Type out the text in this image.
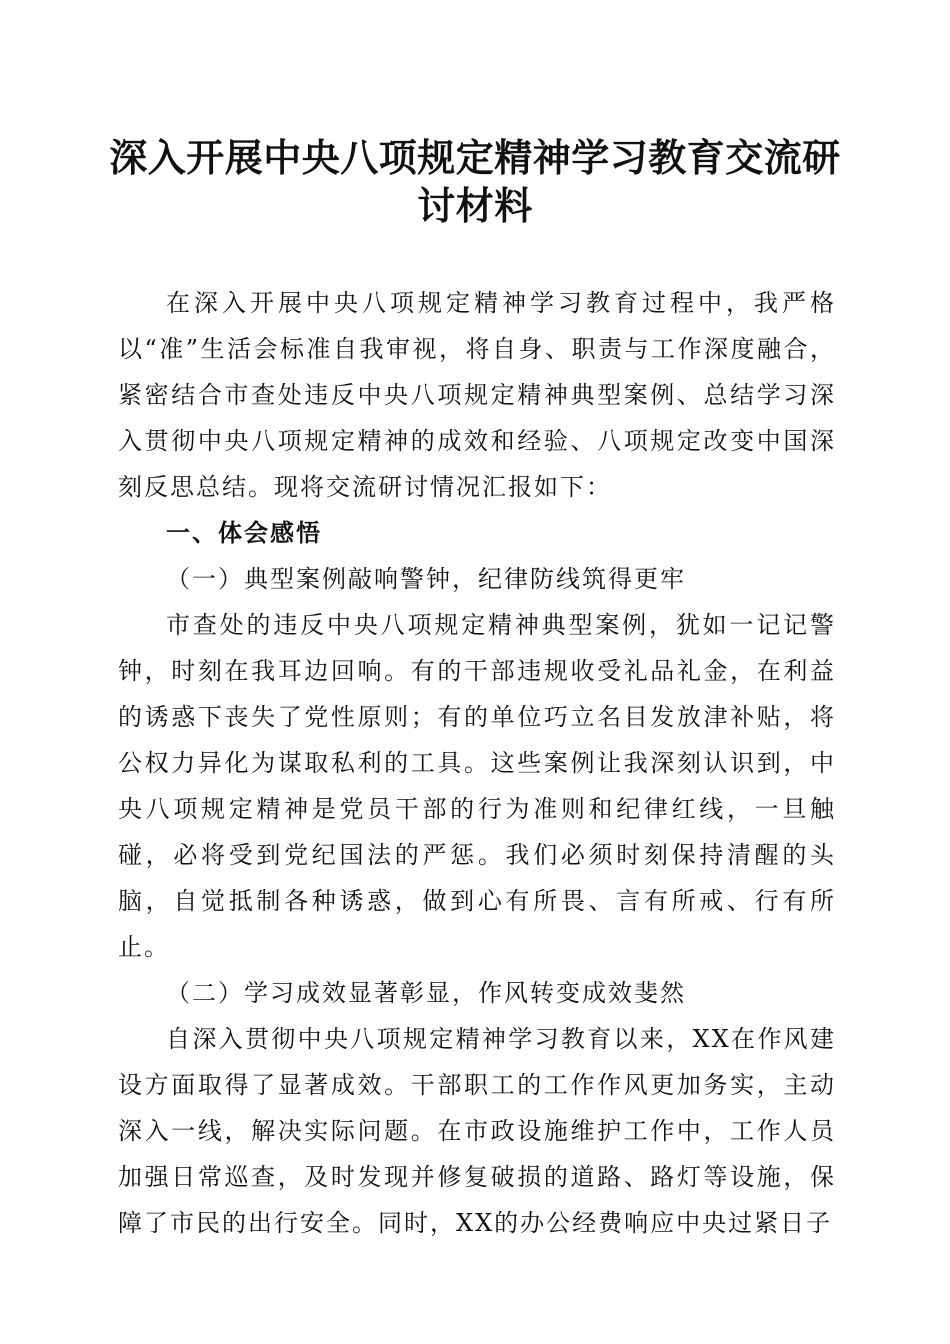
深入开展中央八项规定精神学习教育交流研讨材料

在深入开展中央八项规定精神学习教育过程中，我严格以“准”生活会标准自我审视，将自身、职责与工作深度融合，紧密结合市查处违反中央八项规定精神典型案例、总结学习深入贯彻中央八项规定精神的成效和经验、八项规定改变中国深刻反思总结。现将交流研讨情况汇报如下：

一、体会感悟

（一）典型案例敲响警钟，纪律防线筑得更牢

市查处的违反中央八项规定精神典型案例，犹如一记记警钟，时刻在我耳边回响。有的干部违规收受礼品礼金，在利益的诱惑下丧失了党性原则；有的单位巧立名目发放津补贴，将公权力异化为谋取私利的工具。这些案例让我深刻认识到，中央八项规定精神是党员干部的行为准则和纪律红线，一旦触碰，必将受到党纪国法的严惩。我们必须时刻保持清醒的头脑，自觉抵制各种诱惑，做到心有所畏、言有所戒、行有所止。

（二）学习成效显著彰显，作风转变成效斐然

自深入贯彻中央八项规定精神学习教育以来，XX在作风建设方面取得了显著成效。干部职工的工作作风更加务实，主动深入一线，解决实际问题。在市政设施维护工作中，工作人员加强日常巡查，及时发现并修复破损的道路、路灯等设施，保障了市民的出行安全。同时，XX的办公经费响应中央过紧日子
